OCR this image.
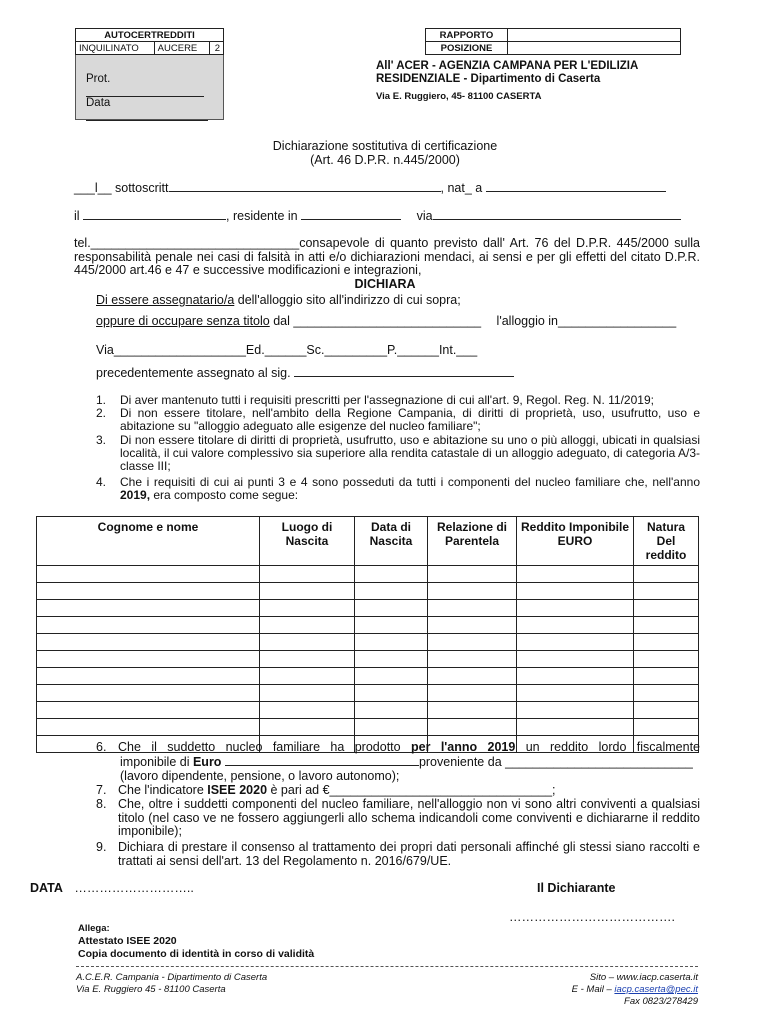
AUTOCERTREDDITI
INQUILINATO	AUCERE	2
Prot.
Data
RAPPORTO	
POSIZIONE	
All' ACER - AGENZIA CAMPANA PER L'EDILIZIA
RESIDENZIALE - Dipartimento di Caserta
Via E. Ruggiero, 45- 81100 CASERTA
Dichiarazione sostitutiva di certificazione
(Art. 46 D.P.R. n.445/2000)
___l__ sottoscritt	, nat_ a
il	, residente in	via
tel.______________________________consapevole di quanto previsto dall' Art. 76 del D.P.R. 445/2000 sulla responsabilità penale nei casi di falsità in atti e/o dichiarazioni mendaci, ai sensi e per gli effetti del citato D.P.R. 445/2000 art.46 e 47 e successive modificazioni e integrazioni,
DICHIARA
Di essere assegnatario/a dell'alloggio sito all'indirizzo di cui sopra;
oppure di occupare senza titolo dal ___________________________ l'alloggio in_________________
Via___________________Ed.______Sc._________P.______Int.___
precedentemente assegnato al sig.
1. Di aver mantenuto tutti i requisiti prescritti per l'assegnazione di cui all'art. 9, Regol. Reg. N. 11/2019;
2. Di non essere titolare, nell'ambito della Regione Campania, di diritti di proprietà, uso, usufrutto, uso e abitazione su "alloggio adeguato alle esigenze del nucleo familiare";
3. Di non essere titolare di diritti di proprietà, usufrutto, uso e abitazione su uno o più alloggi, ubicati in qualsiasi località, il cui valore complessivo sia superiore alla rendita catastale di un alloggio adeguato, di categoria A/3- classe III;
4. Che i requisiti di cui ai punti 3 e 4 sono posseduti da tutti i componenti del nucleo familiare che, nell'anno 2019, era composto come segue:
Cognome e nome	Luogo di Nascita	Data di Nascita	Relazione di Parentela	Reddito Imponibile EURO	Natura Del reddito

6. Che il suddetto nucleo familiare ha prodotto per l'anno 2019 un reddito lordo fiscalmente
imponibile di Euro	proveniente da ___________________________
(lavoro dipendente, pensione, o lavoro autonomo);
7. Che l'indicatore ISEE 2020 è pari ad €________________________________;
8. Che, oltre i suddetti componenti del nucleo familiare, nell'alloggio non vi sono altri conviventi a qualsiasi titolo (nel caso ve ne fossero aggiungerli allo schema indicandoli come conviventi e dichiararne il reddito imponibile);
9. Dichiara di prestare il consenso al trattamento dei propri dati personali affinché gli stessi siano raccolti e trattati ai sensi dell'art. 13 del Regolamento n. 2016/679/UE.
DATA ………………………..	Il Dichiarante
………………………………….
Allega:
Attestato ISEE 2020
Copia documento di identità in corso di validità
A.C.E.R. Campania - Dipartimento di Caserta
Via E. Ruggiero 45 - 81100 Caserta
Sito – www.iacp.caserta.it
E - Mail – iacp.caserta@pec.it
Fax 0823/278429
